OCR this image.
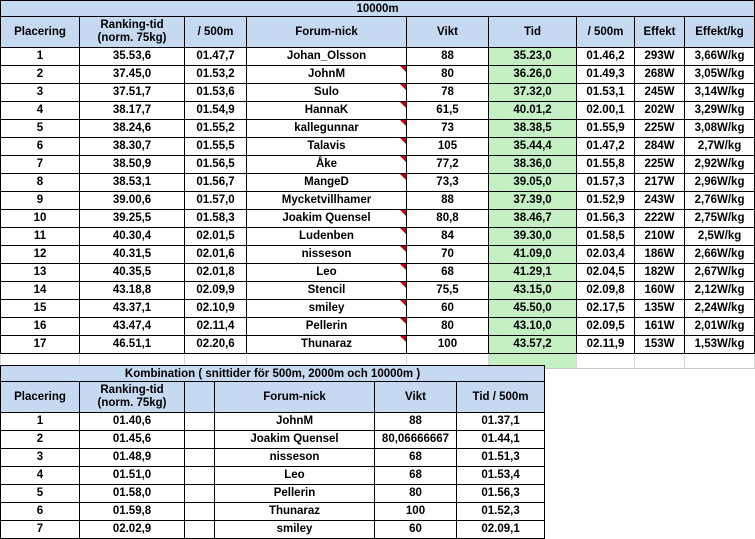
10000m								
Placering	Ranking-tid
(norm. 75kg)	/ 500m	Forum-nick	Vikt	Tid	/ 500m	Effekt	Effekt/kg
1	35.53,6	01.47,7	Johan_Olsson	88	35.23,0	01.46,2	293W	3,66W/kg
2	37.45,0	01.53,2	JohnM	80	36.26,0	01.49,3	268W	3,05W/kg
3	37.51,7	01.53,6	Sulo	78	37.32,0	01.53,1	245W	3,14W/kg
4	38.17,7	01.54,9	HannaK	61,5	40.01,2	02.00,1	202W	3,29W/kg
5	38.24,6	01.55,2	kallegunnar	73	38.38,5	01.55,9	225W	3,08W/kg
6	38.30,7	01.55,5	Talavis	105	35.44,4	01.47,2	284W	2,7W/kg
7	38.50,9	01.56,5	Åke	77,2	38.36,0	01.55,8	225W	2,92W/kg
8	38.53,1	01.56,7	MangeD	73,3	39.05,0	01.57,3	217W	2,96W/kg
9	39.00,6	01.57,0	Mycketvillhamer	88	37.39,0	01.52,9	243W	2,76W/kg
10	39.25,5	01.58,3	Joakim Quensel	80,8	38.46,7	01.56,3	222W	2,75W/kg
11	40.30,4	02.01,5	Ludenben	84	39.30,0	01.58,5	210W	2,5W/kg
12	40.31,5	02.01,6	nisseson	70	41.09,0	02.03,4	186W	2,66W/kg
13	40.35,5	02.01,8	Leo	68	41.29,1	02.04,5	182W	2,67W/kg
14	43.18,8	02.09,9	Stencil	75,5	43.15,0	02.09,8	160W	2,12W/kg
15	43.37,1	02.10,9	smiley	60	45.50,0	02.17,5	135W	2,24W/kg
16	43.47,4	02.11,4	Pellerin	80	43.10,0	02.09,5	161W	2,01W/kg
17	46.51,1	02.20,6	Thunaraz	100	43.57,2	02.11,9	153W	1,53W/kg

Kombination ( snittider för 500m, 2000m och 10000m )					
Placering	Ranking-tid
(norm. 75kg)		Forum-nick	Vikt	Tid / 500m
1	01.40,6		JohnM	88	01.37,1
2	01.45,6		Joakim Quensel	80,06666667	01.44,1
3	01.48,9		nisseson	68	01.51,3
4	01.51,0		Leo	68	01.53,4
5	01.58,0		Pellerin	80	01.56,3
6	01.59,8		Thunaraz	100	01.52,3
7	02.02,9		smiley	60	02.09,1
